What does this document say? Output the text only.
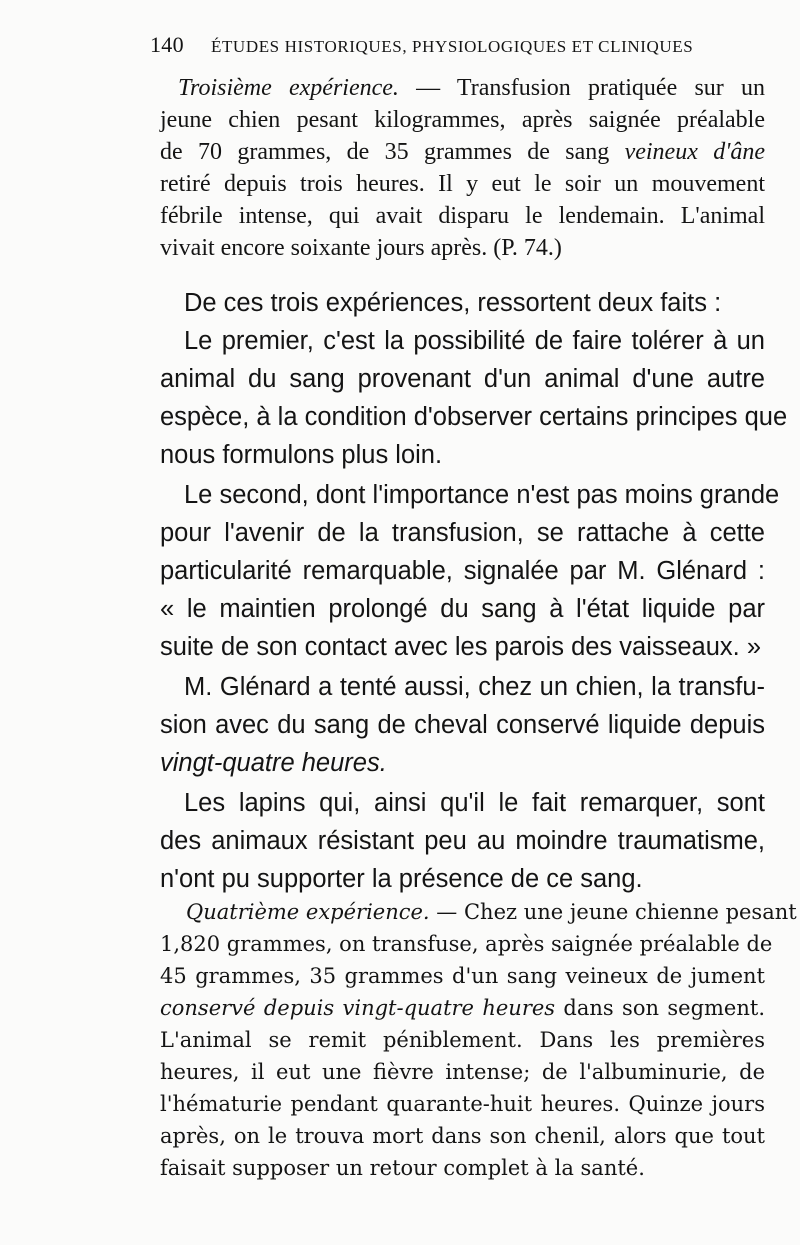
140 ÉTUDES HISTORIQUES, PHYSIOLOGIQUES ET CLINIQUES
Troisième expérience. — Transfusion pratiquée sur un
jeune chien pesant kilogrammes, après saignée préalable
de 70 grammes, de 35 grammes de sang veineux d'âne
retiré depuis trois heures. Il y eut le soir un mouvement
fébrile intense, qui avait disparu le lendemain. L'animal
vivait encore soixante jours après. (P. 74.)
De ces trois expériences, ressortent deux faits :
Le premier, c'est la possibilité de faire tolérer à un
animal du sang provenant d'un animal d'une autre
espèce, à la condition d'observer certains principes que
nous formulons plus loin.
Le second, dont l'importance n'est pas moins grande
pour l'avenir de la transfusion, se rattache à cette
particularité remarquable, signalée par M. Glénard :
« le maintien prolongé du sang à l'état liquide par
suite de son contact avec les parois des vaisseaux. »
M. Glénard a tenté aussi, chez un chien, la transfu-
sion avec du sang de cheval conservé liquide depuis
vingt-quatre heures.
Les lapins qui, ainsi qu'il le fait remarquer, sont
des animaux résistant peu au moindre traumatisme,
n'ont pu supporter la présence de ce sang.
Quatrième expérience. — Chez une jeune chienne pesant
1,820 grammes, on transfuse, après saignée préalable de
45 grammes, 35 grammes d'un sang veineux de jument
conservé depuis vingt-quatre heures dans son segment.
L'animal se remit péniblement. Dans les premières
heures, il eut une fièvre intense; de l'albuminurie, de
l'hématurie pendant quarante-huit heures. Quinze jours
après, on le trouva mort dans son chenil, alors que tout
faisait supposer un retour complet à la santé.
